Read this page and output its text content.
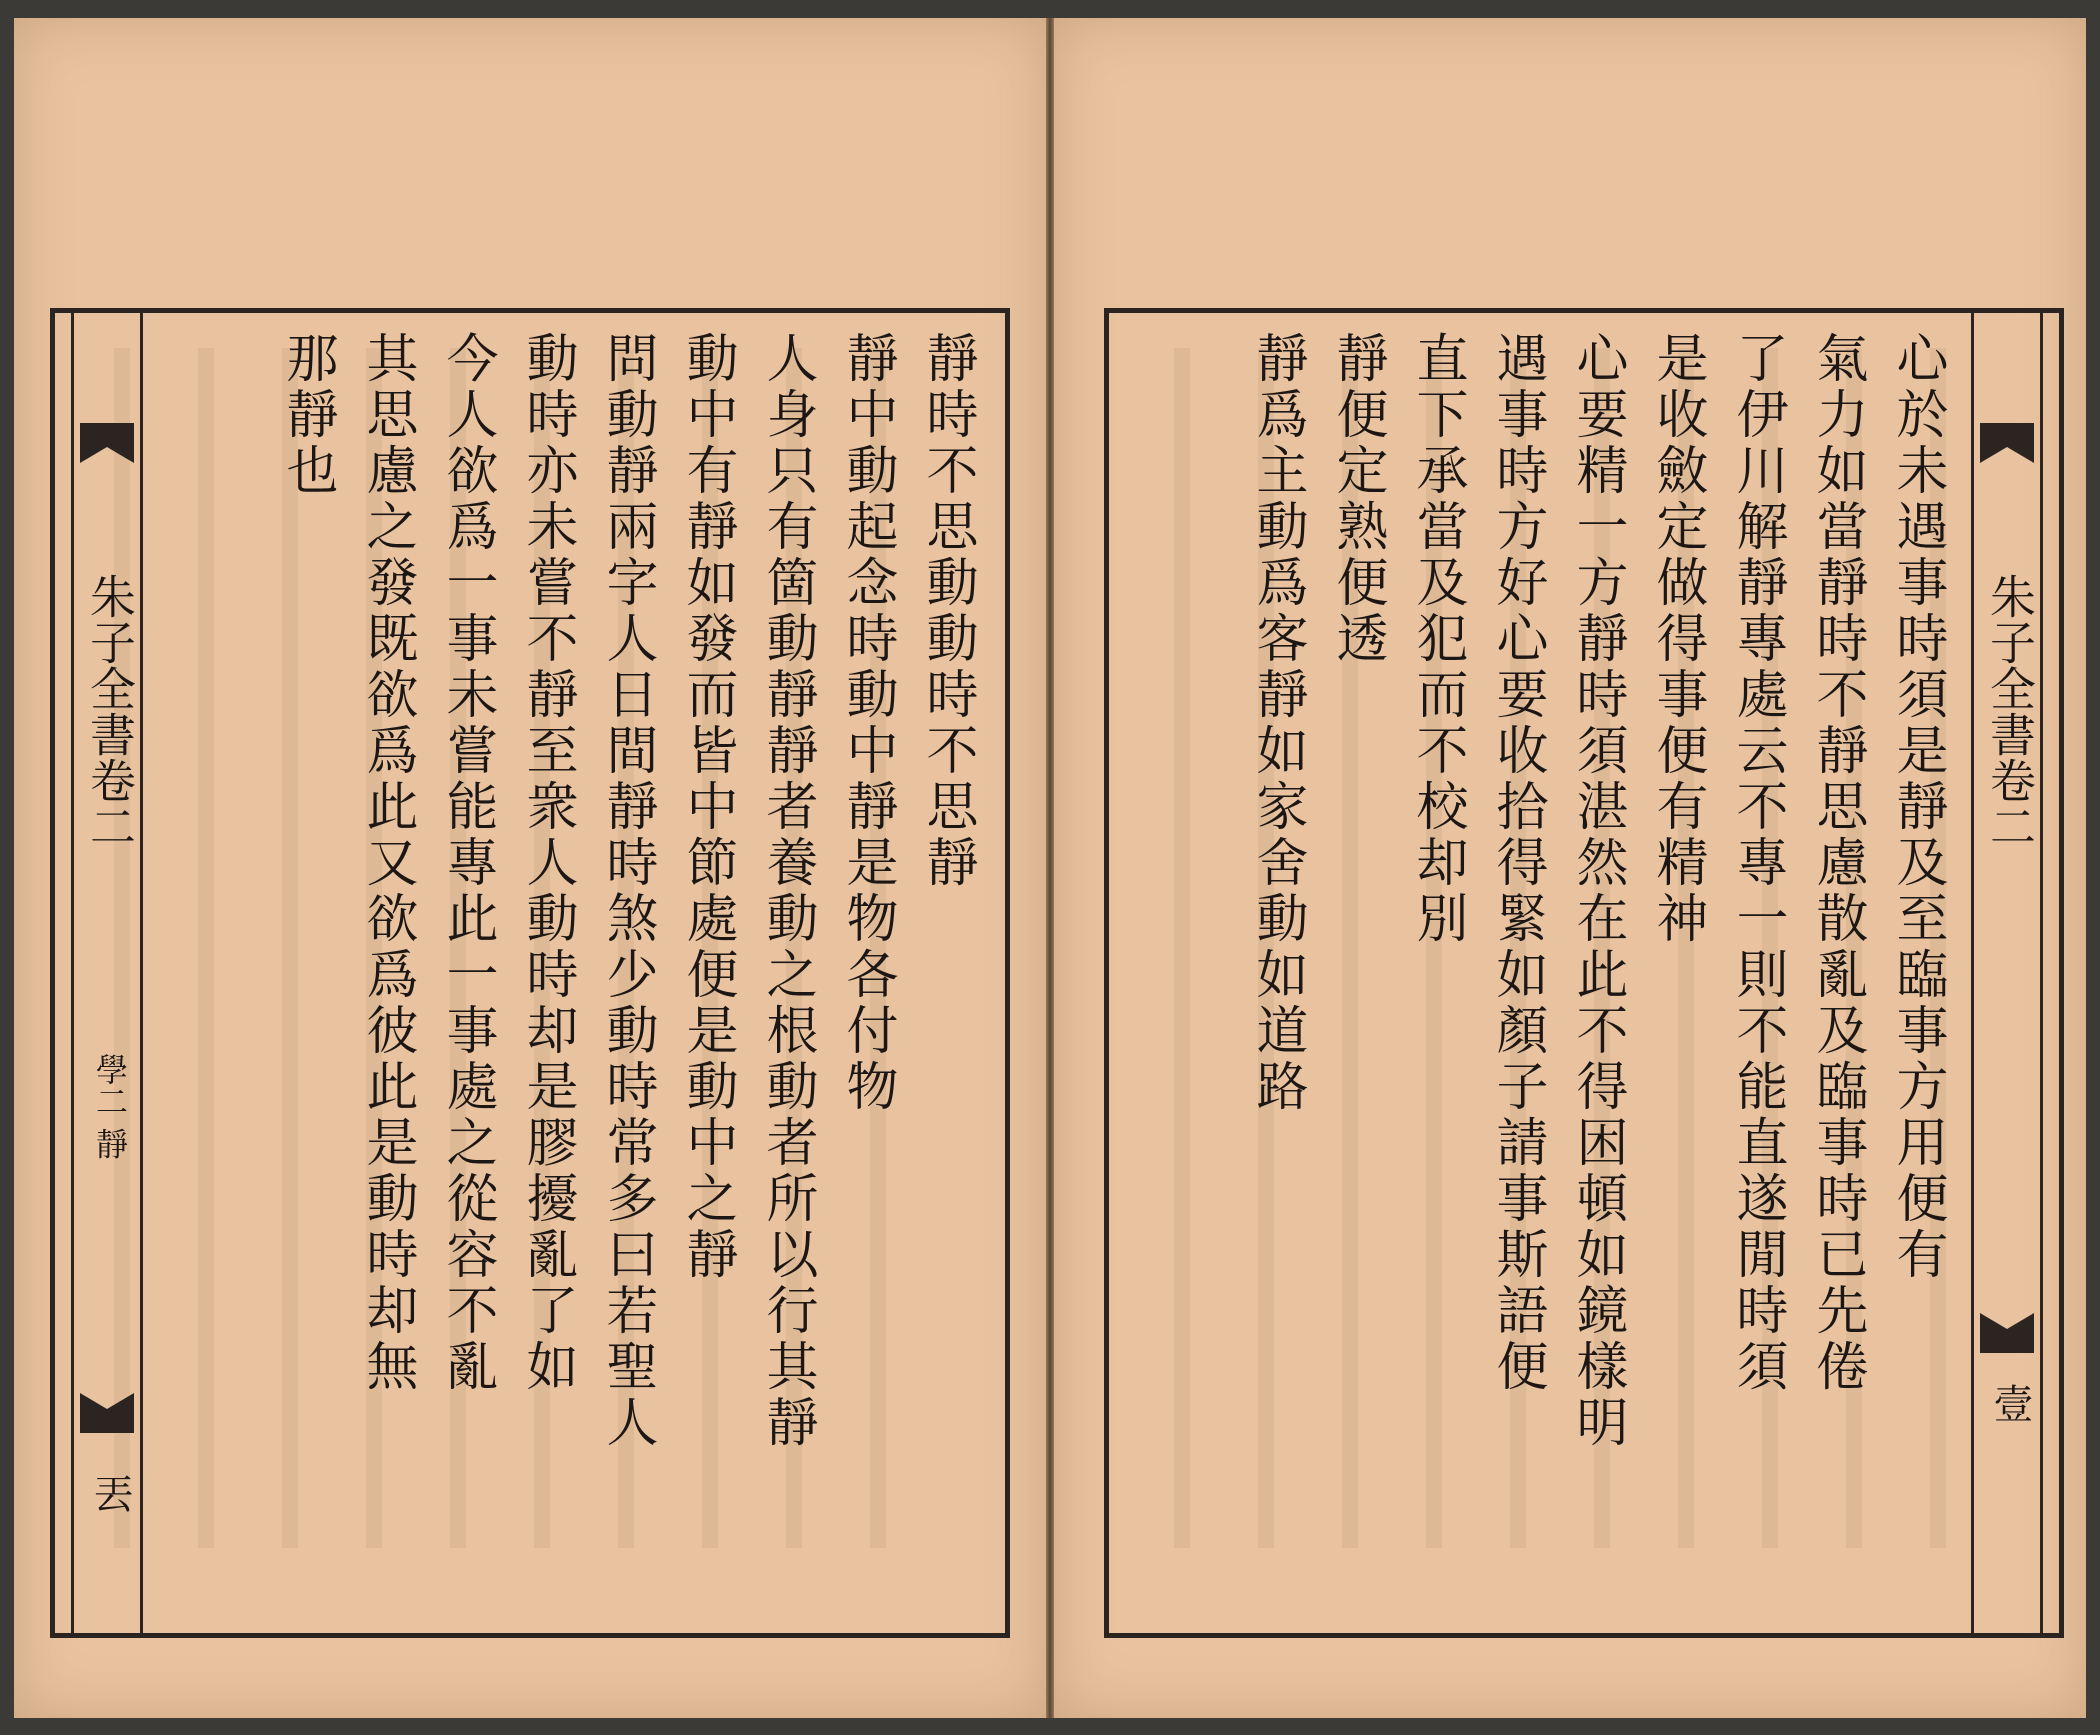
朱子全書卷二
學二 靜
丟
靜時不思動動時不思靜
靜中動起念時動中靜是物各付物
人身只有箇動靜靜者養動之根動者所以行其靜
動中有靜如發而皆中節處便是動中之靜
問動靜兩字人日間靜時煞少動時常多曰若聖人
動時亦未嘗不靜至衆人動時却是膠擾亂了如
今人欲爲一事未嘗能專此一事處之從容不亂
其思慮之發既欲爲此又欲爲彼此是動時却無
那靜也
朱子全書卷二
壹
心於未遇事時須是靜及至臨事方用便有
氣力如當靜時不靜思慮散亂及臨事時已先倦
了伊川解靜專處云不專一則不能直遂閒時須
是收斂定做得事便有精神
心要精一方靜時須湛然在此不得困頓如鏡樣明
遇事時方好心要收拾得緊如顏子請事斯語便
直下承當及犯而不校却別
靜便定熟便透
靜爲主動爲客靜如家舍動如道路
